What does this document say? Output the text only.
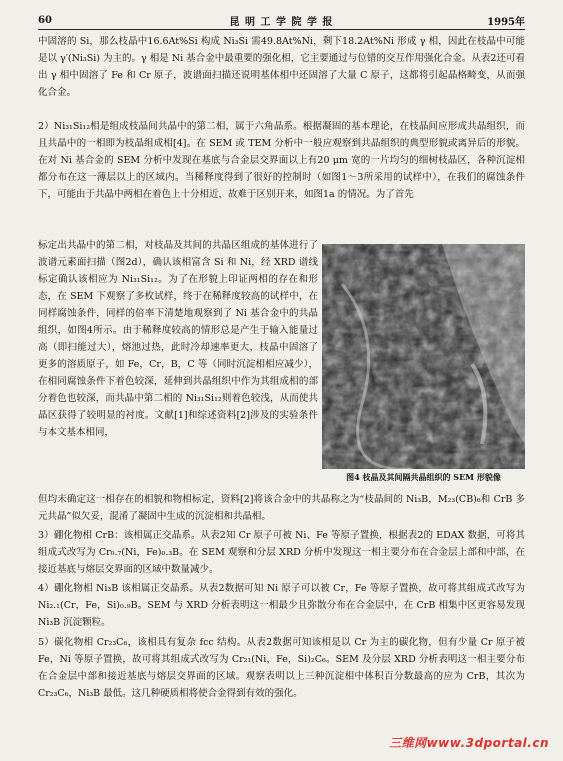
60	昆 明 工 学 院 学 报	1995年

中固溶的 Si，那么枝晶中16.6At%Si 构成 Ni₃Si 需49.8At%Ni，剩下18.2At%Ni 形成 γ 相，因此在枝晶中可能是以 γ′(Ni₃Si) 为主的。γ 相是 Ni 基合金中最重要的强化相，它主要通过与位错的交互作用强化合金。从表2还可看出 γ 相中固溶了 Fe 和 Cr 原子，波谱面扫描还说明基体相中还固溶了大量 C 原子，这都将引起晶格畸变，从而强化合金。

2）Ni₃₁Si₁₂相是组成枝晶间共晶中的第二相，属于六角晶系。根据凝固的基本理论，在枝晶间应形成共晶组织，而且共晶中的一相即为枝晶组成相[4]。在 SEM 或 TEM 分析中一般应观察到共晶组织的典型形貌或离异后的形貌。在对 Ni 基合金的 SEM 分析中发现在基底与合金层交界面以上有20 μm 宽的一片均匀的细树枝晶区，各种沉淀相都分布在这一薄层以上的区域内。当稀释度得到了很好的控制时（如图1～3所采用的试样中），在我们的腐蚀条件下，可能由于共晶中两相在着色上十分相近，故难于区别开来，如图1a 的情况。为了首先

标定出共晶中的第二相，对枝晶及其间的共晶区组成的基体进行了波谱元素面扫描（图2d），确认该相富含 Si 和 Ni，经 XRD 谱线标定确认该相应为 Ni₃₁Si₁₂。为了在形貌上印证两相的存在和形态，在 SEM 下观察了多枚试样，终于在稀释度较高的试样中，在同样腐蚀条件，同样的倍率下清楚地观察到了 Ni 基合金中的共晶组织，如图4所示。由于稀释度较高的情形总是产生于输入能量过高（即扫能过大），熔池过热，此时冷却速率更大，枝晶中固溶了更多的溶质原子，如 Fe，Cr，B，C 等（同时沉淀相相应减少），在相同腐蚀条件下着色较深，延伸到共晶组织中作为其组成相的部分着色也较深，而共晶中第二相的 Ni₃₁Si₁₂则着色较浅，从而使共晶区获得了较明显的衬度。文献[1]和综述资料[2]涉及的实验条件与本文基本相同，

图4 枝晶及其间隔共晶组织的 SEM 形貌像

但均未确定这一相存在的相貌和物相标定，资料[2]将该合金中的共晶称之为“枝晶间的 Ni₃B，M₂₃(CB)₆和 CrB 多元共晶”似欠妥，混淆了凝固中生成的沉淀相和共晶相。

3）硼化物相 CrB：该相属正交晶系。从表2知 Cr 原子可被 Ni、Fe 等原子置换，根据表2的 EDAX 数据，可将其组成式改写为 Cr₀.₇(Ni，Fe)₀.₃B。在 SEM 观察和分层 XRD 分析中发现这一相主要分布在合金层上部和中部，在接近基底与熔层交界面的区域中数量减少。

4）硼化物相 Ni₃B 该相属正交晶系。从表2数据可知 Ni 原子可以被 Cr，Fe 等原子置换，故可将其组成式改写为 Ni₂.₁(Cr，Fe，Si)₀.₉B。SEM 与 XRD 分析表明这一相最少且弥散分布在合金层中，在 CrB 相集中区更容易发现 Ni₃B 沉淀颗粒。

5）碳化物相 Cr₂₃C₆，该相具有复杂 fcc 结构。从表2数据可知该相是以 Cr 为主的碳化物，但有少量 Cr 原子被 Fe，Ni 等原子置换，故可将其组成式改写为 Cr₂₁(Ni，Fe，Si)₂C₆。SEM 及分层 XRD 分析表明这一相主要分布在合金层中部和接近基底与熔层交界面的区域。观察表明以上三种沉淀相中体积百分数最高的应为 CrB，其次为 Cr₂₃C₆，Ni₃B 最低。这几种硬质相将使合金得到有效的强化。

三维网www.3dportal.cn
